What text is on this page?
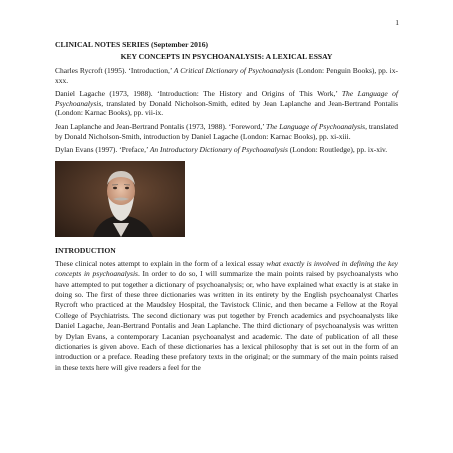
1

CLINICAL NOTES SERIES (September 2016)

KEY CONCEPTS IN PSYCHOANALYSIS: A LEXICAL ESSAY

Charles Rycroft (1995). ‘Introduction,’ A Critical Dictionary of Psychoanalysis (London: Penguin Books), pp. ix-xxx.

Daniel Lagache (1973, 1988). ‘Introduction: The History and Origins of This Work,’ The Language of Psychoanalysis, translated by Donald Nicholson-Smith, edited by Jean Laplanche and Jean-Bertrand Pontalis (London: Karnac Books), pp. vii-ix.

Jean Laplanche and Jean-Bertrand Pontalis (1973, 1988). ‘Foreword,’ The Language of Psychoanalysis, translated by Donald Nicholson-Smith, introduction by Daniel Lagache (London: Karnac Books), pp. xi-xiii.

Dylan Evans (1997). ‘Preface,’ An Introductory Dictionary of Psychoanalysis (London: Routledge), pp. ix-xiv.

INTRODUCTION

These clinical notes attempt to explain in the form of a lexical essay what exactly is involved in defining the key concepts in psychoanalysis. In order to do so, I will summarize the main points raised by psychoanalysts who have attempted to put together a dictionary of psychoanalysis; or, who have explained what exactly is at stake in doing so. The first of these three dictionaries was written in its entirety by the English psychoanalyst Charles Rycroft who practiced at the Maudsley Hospital, the Tavistock Clinic, and then became a Fellow at the Royal College of Psychiatrists. The second dictionary was put together by French academics and psychoanalysts like Daniel Lagache, Jean-Bertrand Pontalis and Jean Laplanche. The third dictionary of psychoanalysis was written by Dylan Evans, a contemporary Lacanian psychoanalyst and academic. The date of publication of all these dictionaries is given above. Each of these dictionaries has a lexical philosophy that is set out in the form of an introduction or a preface. Reading these prefatory texts in the original; or the summary of the main points raised in these texts here will give readers a feel for the
